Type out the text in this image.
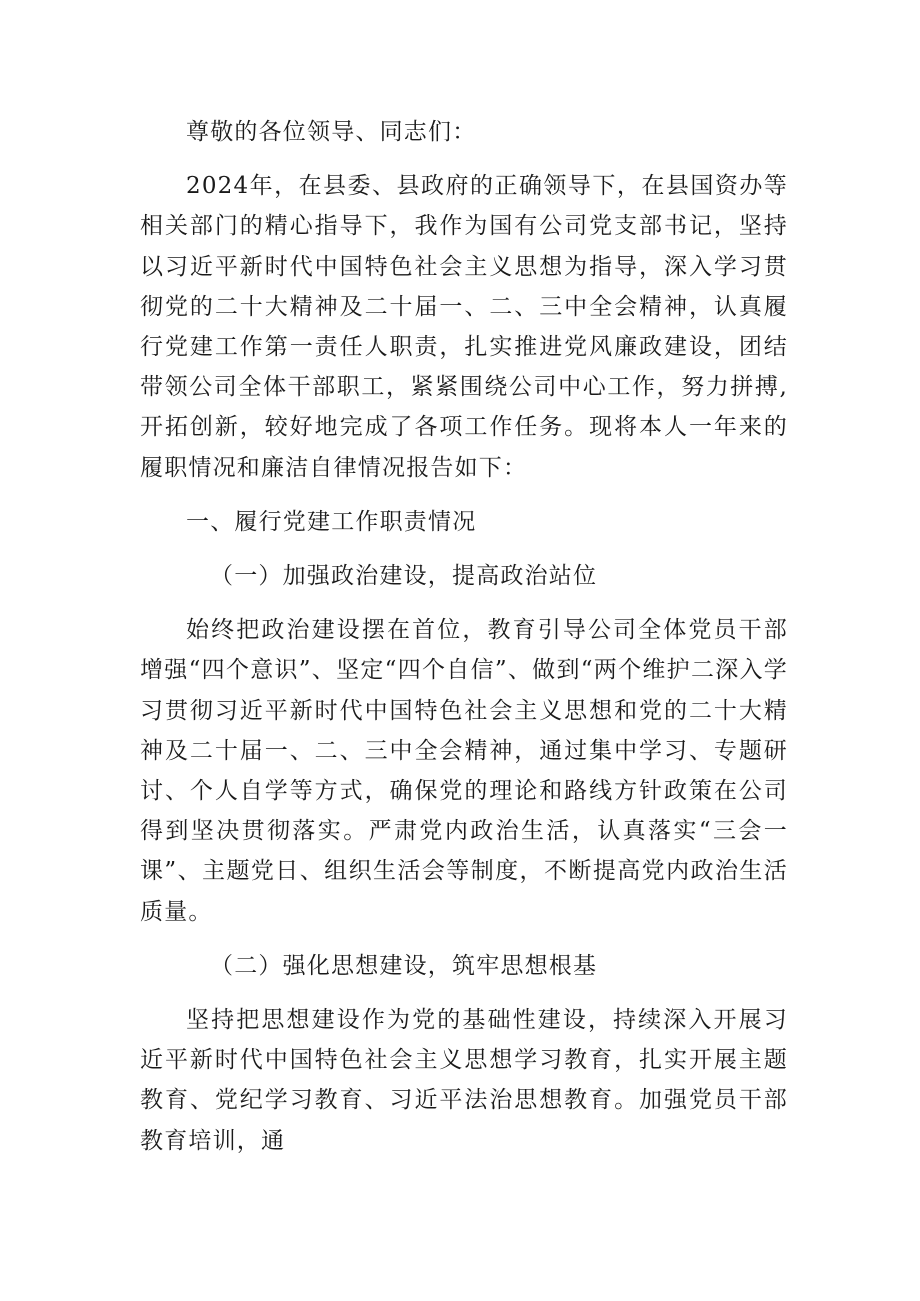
尊敬的各位领导、同志们：

2024年，在县委、县政府的正确领导下，在县国资办等相关部门的精心指导下，我作为国有公司党支部书记，坚持以习近平新时代中国特色社会主义思想为指导，深入学习贯彻党的二十大精神及二十届一、二、三中全会精神，认真履行党建工作第一责任人职责，扎实推进党风廉政建设，团结带领公司全体干部职工，紧紧围绕公司中心工作，努力拼搏,开拓创新，较好地完成了各项工作任务。现将本人一年来的履职情况和廉洁自律情况报告如下：

一、履行党建工作职责情况

（一）加强政治建设，提高政治站位

始终把政治建设摆在首位，教育引导公司全体党员干部增强“四个意识”、坚定“四个自信”、做到“两个维护二深入学习贯彻习近平新时代中国特色社会主义思想和党的二十大精神及二十届一、二、三中全会精神，通过集中学习、专题研讨、个人自学等方式，确保党的理论和路线方针政策在公司得到坚决贯彻落实。严肃党内政治生活，认真落实“三会一课”、主题党日、组织生活会等制度，不断提高党内政治生活质量。

（二）强化思想建设，筑牢思想根基

坚持把思想建设作为党的基础性建设，持续深入开展习近平新时代中国特色社会主义思想学习教育，扎实开展主题教育、党纪学习教育、习近平法治思想教育。加强党员干部教育培训，通
